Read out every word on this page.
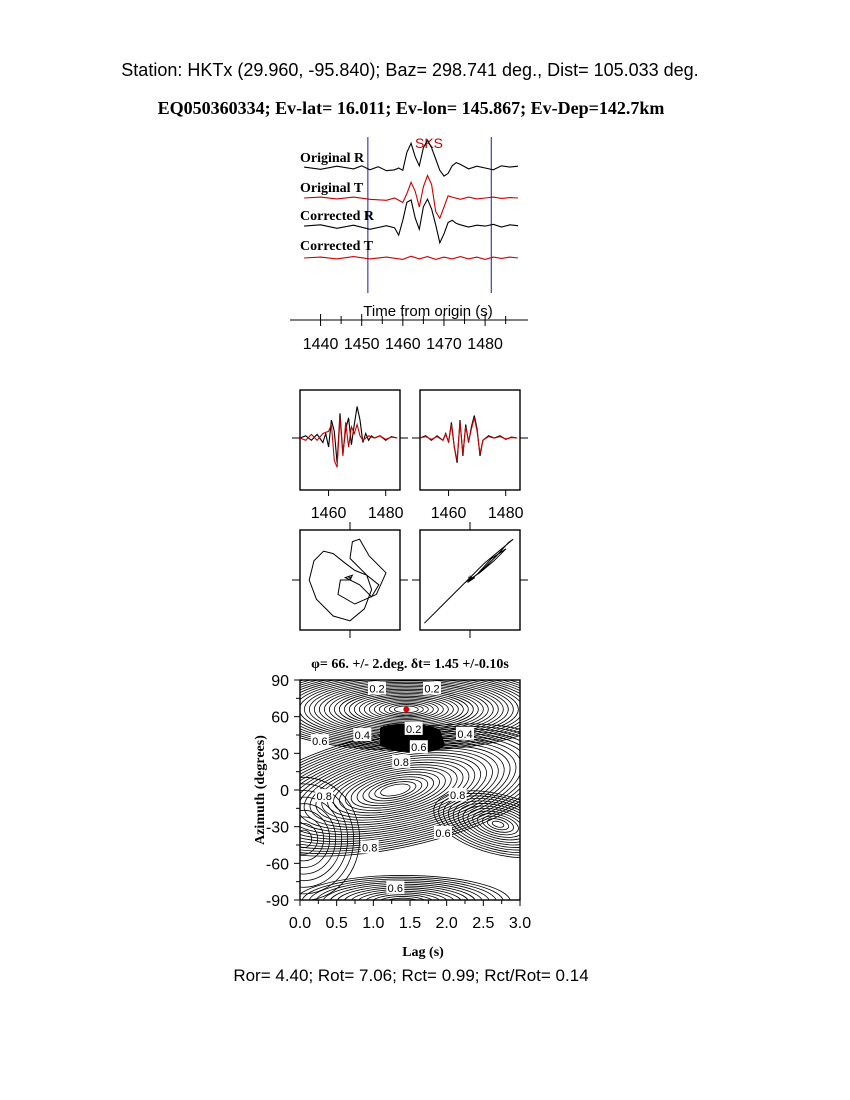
Station: HKTx (29.960, -95.840); Baz= 298.741 deg., Dist= 105.033 deg.
EQ050360334; Ev-lat= 16.011; Ev-lon= 145.867; Ev-Dep=142.7km
SKS
Original R
Original T
Corrected R
Corrected T
Time from origin (s)
1440 1450 1460 1470 1480
1460 1480 1460 1480
*	*
φ= 66. +/- 2.deg. δt= 1.45 +/-0.10s
0.0 0.5 1.0 1.5 2.0 2.5 3.0
90
60
30
0
-30
-60
-90
0.2	0.2
0.6
0.4
0.2	0.4
0.6
0.8
0.8	0.8
0.6
0.8
0.6
Lag (s)
Azimuth (degrees)
Ror= 4.40; Rot= 7.06; Rct= 0.99; Rct/Rot= 0.14
